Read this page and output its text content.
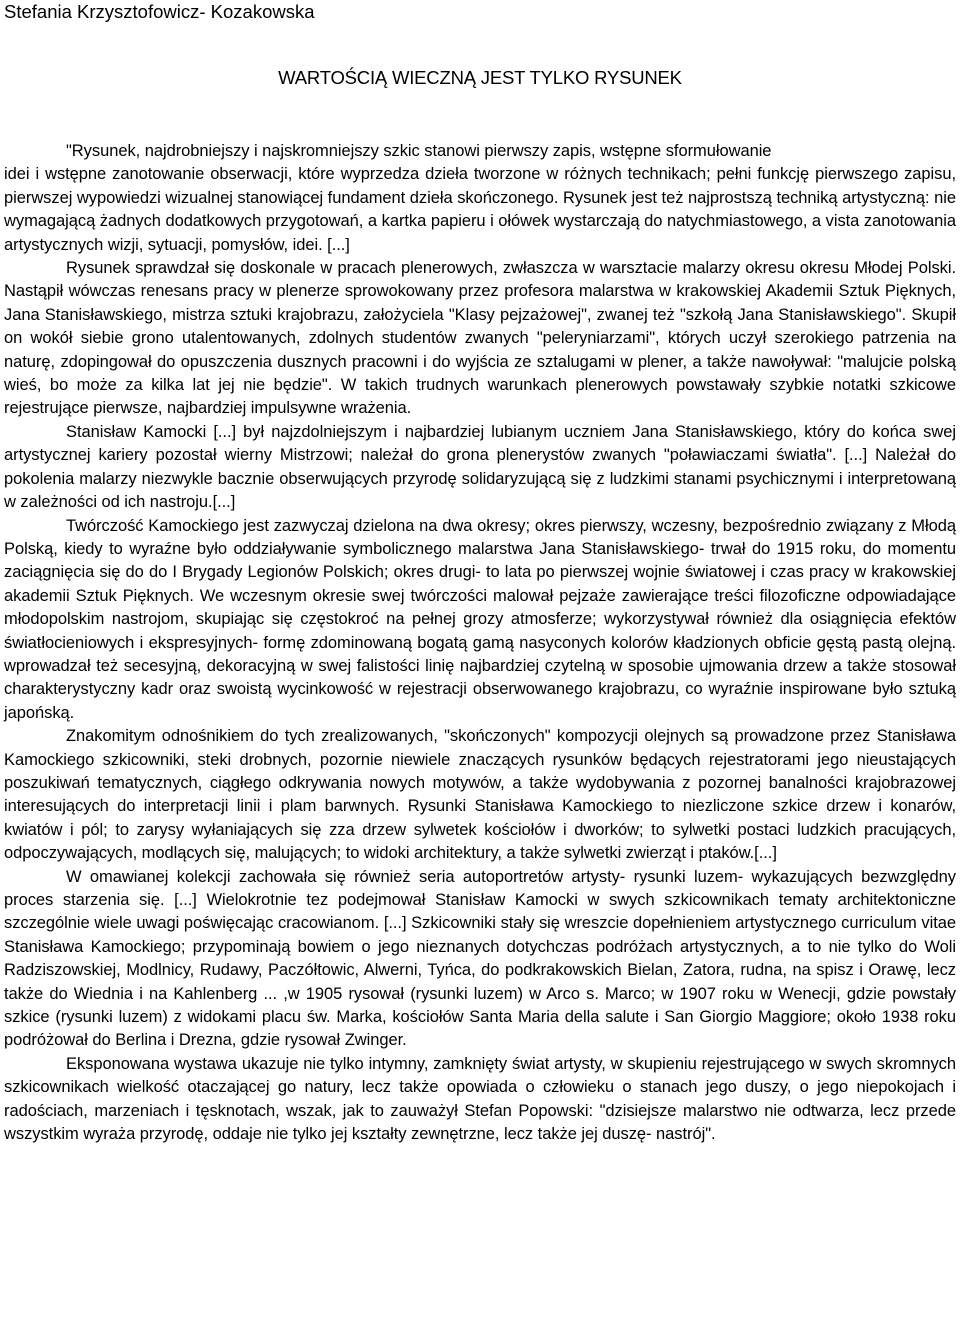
Stefania Krzysztofowicz- Kozakowska
WARTOŚCIĄ WIECZNĄ JEST TYLKO RYSUNEK

"Rysunek, najdrobniejszy i najskromniejszy szkic stanowi pierwszy zapis, wstępne sformułowanie

idei i wstępne zanotowanie obserwacji, które wyprzedza dzieła tworzone w różnych technikach; pełni funkcję pierwszego zapisu, pierwszej wypowiedzi wizualnej stanowiącej fundament dzieła skończonego. Rysunek jest też najprostszą techniką artystyczną: nie wymagającą żadnych dodatkowych przygotowań, a kartka papieru i ołówek wystarczają do natychmiastowego, a vista zanotowania artystycznych wizji, sytuacji, pomysłów, idei. [...]

Rysunek sprawdzał się doskonale w pracach plenerowych, zwłaszcza w warsztacie malarzy okresu okresu Młodej Polski. Nastąpił wówczas renesans pracy w plenerze sprowokowany przez profesora malarstwa w krakowskiej Akademii Sztuk Pięknych, Jana Stanisławskiego, mistrza sztuki krajobrazu, założyciela "Klasy pejzażowej", zwanej też "szkołą Jana Stanisławskiego". Skupił on wokół siebie grono utalentowanych, zdolnych studentów zwanych "peleryniarzami", których uczył szerokiego patrzenia na naturę, zdopingował do opuszczenia dusznych pracowni i do wyjścia ze sztalugami w plener, a także nawoływał: "malujcie polską wieś, bo może za kilka lat jej nie będzie". W takich trudnych warunkach plenerowych powstawały szybkie notatki szkicowe rejestrujące pierwsze, najbardziej impulsywne wrażenia.

Stanisław Kamocki [...] był najzdolniejszym i najbardziej lubianym uczniem Jana Stanisławskiego, który do końca swej artystycznej kariery pozostał wierny Mistrzowi; należał do grona plenerystów zwanych "poławiaczami światła". [...] Należał do pokolenia malarzy niezwykle bacznie obserwujących przyrodę solidaryzującą się z ludzkimi stanami psychicznymi i interpretowaną w zależności od ich nastroju.[...]

Twórczość Kamockiego jest zazwyczaj dzielona na dwa okresy; okres pierwszy, wczesny, bezpośrednio związany z Młodą Polską, kiedy to wyraźne było oddziaływanie symbolicznego malarstwa Jana Stanisławskiego- trwał do 1915 roku, do momentu zaciągnięcia się do do I Brygady Legionów Polskich; okres drugi- to lata po pierwszej wojnie światowej i czas pracy w krakowskiej akademii Sztuk Pięknych. We wczesnym okresie swej twórczości malował pejzaże zawierające treści filozoficzne odpowiadające młodopolskim nastrojom, skupiając się częstokroć na pełnej grozy atmosferze; wykorzystywał również dla osiągnięcia efektów światłocieniowych i ekspresyjnych- formę zdominowaną bogatą gamą nasyconych kolorów kładzionych obficie gęstą pastą olejną. wprowadzał też secesyjną, dekoracyjną w swej falistości linię najbardziej czytelną w sposobie ujmowania drzew a także stosował charakterystyczny kadr oraz swoistą wycinkowość w rejestracji obserwowanego krajobrazu, co wyraźnie inspirowane było sztuką japońską.

Znakomitym odnośnikiem do tych zrealizowanych, "skończonych" kompozycji olejnych są prowadzone przez Stanisława Kamockiego szkicowniki, steki drobnych, pozornie niewiele znaczących rysunków będących rejestratorami jego nieustających poszukiwań tematycznych, ciągłego odkrywania nowych motywów, a także wydobywania z pozornej banalności krajobrazowej interesujących do interpretacji linii i plam barwnych. Rysunki Stanisława Kamockiego to niezliczone szkice drzew i konarów, kwiatów i pól; to zarysy wyłaniających się zza drzew sylwetek kościołów i dworków; to sylwetki postaci ludzkich pracujących, odpoczywających, modlących się, malujących; to widoki architektury, a także sylwetki zwierząt i ptaków.[...]

W omawianej kolekcji zachowała się również seria autoportretów artysty- rysunki luzem- wykazujących bezwzględny proces starzenia się. [...] Wielokrotnie tez podejmował Stanisław Kamocki w swych szkicownikach tematy architektoniczne szczególnie wiele uwagi poświęcając cracowianom. [...] Szkicowniki stały się wreszcie dopełnieniem artystycznego curriculum vitae Stanisława Kamockiego; przypominają bowiem o jego nieznanych dotychczas podróżach artystycznych, a to nie tylko do Woli Radziszowskiej, Modlnicy, Rudawy, Paczółtowic, Alwerni, Tyńca, do podkrakowskich Bielan, Zatora, rudna, na spisz i Orawę, lecz także do Wiednia i na Kahlenberg ... ,w 1905 rysował (rysunki luzem) w Arco s. Marco; w 1907 roku w Wenecji, gdzie powstały szkice (rysunki luzem) z widokami placu św. Marka, kościołów Santa Maria della salute i San Giorgio Maggiore; około 1938 roku podróżował do Berlina i Drezna, gdzie rysował Zwinger.

Eksponowana wystawa ukazuje nie tylko intymny, zamknięty świat artysty, w skupieniu rejestrującego w swych skromnych szkicownikach wielkość otaczającej go natury, lecz także opowiada o człowieku o stanach jego duszy, o jego niepokojach i radościach, marzeniach i tęsknotach, wszak, jak to zauważył Stefan Popowski: "dzisiejsze malarstwo nie odtwarza, lecz przede wszystkim wyraża przyrodę, oddaje nie tylko jej kształty zewnętrzne, lecz także jej duszę- nastrój".
